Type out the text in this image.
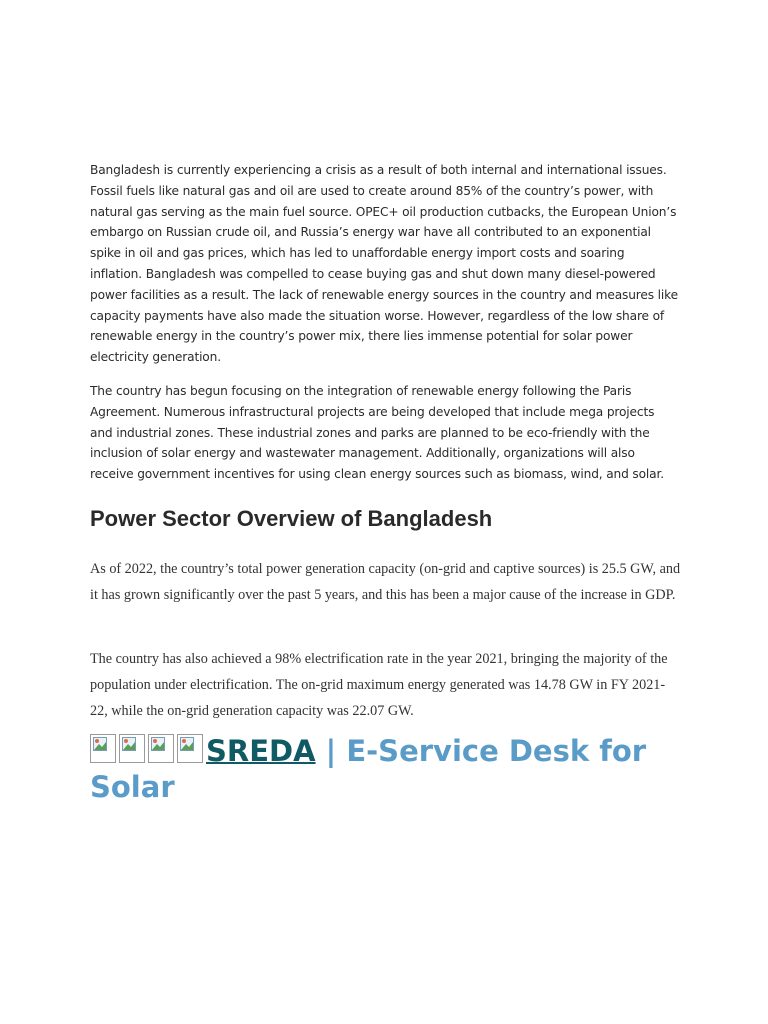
Bangladesh is currently experiencing a crisis as a result of both internal and international issues. Fossil fuels like natural gas and oil are used to create around 85% of the country’s power, with natural gas serving as the main fuel source. OPEC+ oil production cutbacks, the European Union’s embargo on Russian crude oil, and Russia’s energy war have all contributed to an exponential spike in oil and gas prices, which has led to unaffordable energy import costs and soaring inflation. Bangladesh was compelled to cease buying gas and shut down many diesel-powered power facilities as a result. The lack of renewable energy sources in the country and measures like capacity payments have also made the situation worse. However, regardless of the low share of renewable energy in the country’s power mix, there lies immense potential for solar power electricity generation.

The country has begun focusing on the integration of renewable energy following the Paris Agreement. Numerous infrastructural projects are being developed that include mega projects and industrial zones. These industrial zones and parks are planned to be eco-friendly with the inclusion of solar energy and wastewater management. Additionally, organizations will also receive government incentives for using clean energy sources such as biomass, wind, and solar.

Power Sector Overview of Bangladesh

As of 2022, the country’s total power generation capacity (on-grid and captive sources) is 25.5 GW, and it has grown significantly over the past 5 years, and this has been a major cause of the increase in GDP.

The country has also achieved a 98% electrification rate in the year 2021, bringing the majority of the population under electrification. The on-grid maximum energy generated was 14.78 GW in FY 2021-22, while the on-grid generation capacity was 22.07 GW.

SREDA | E-Service Desk for Solar
